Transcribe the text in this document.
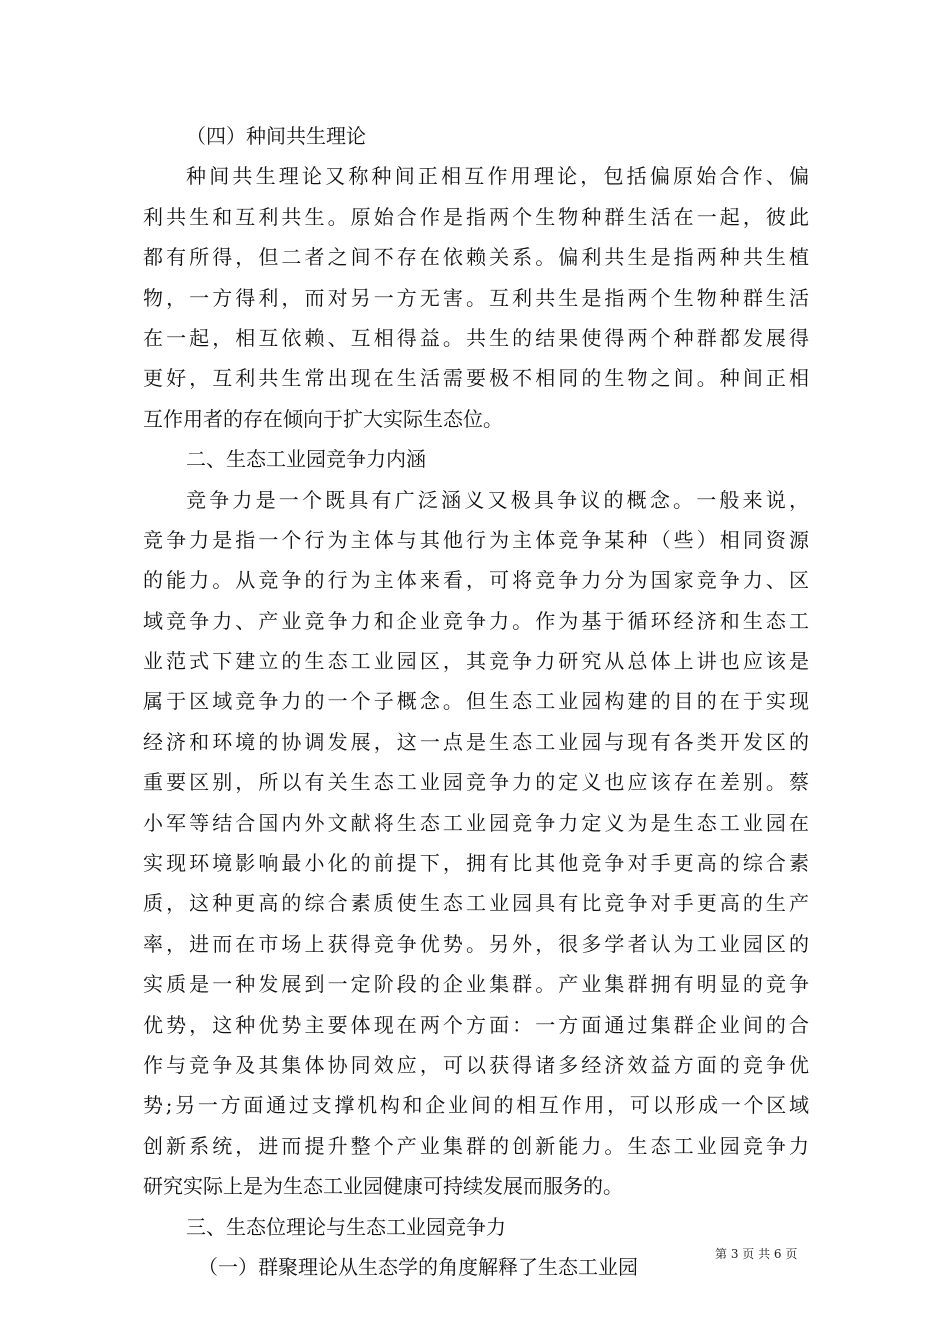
（四）种间共生理论
种间共生理论又称种间正相互作用理论，包括偏原始合作、偏
利共生和互利共生。原始合作是指两个生物种群生活在一起，彼此
都有所得，但二者之间不存在依赖关系。偏利共生是指两种共生植
物，一方得利，而对另一方无害。互利共生是指两个生物种群生活
在一起，相互依赖、互相得益。共生的结果使得两个种群都发展得
更好，互利共生常出现在生活需要极不相同的生物之间。种间正相
互作用者的存在倾向于扩大实际生态位。
二、生态工业园竞争力内涵
竞争力是一个既具有广泛涵义又极具争议的概念。一般来说，
竞争力是指一个行为主体与其他行为主体竞争某种（些）相同资源
的能力。从竞争的行为主体来看，可将竞争力分为国家竞争力、区
域竞争力、产业竞争力和企业竞争力。作为基于循环经济和生态工
业范式下建立的生态工业园区，其竞争力研究从总体上讲也应该是
属于区域竞争力的一个子概念。但生态工业园构建的目的在于实现
经济和环境的协调发展，这一点是生态工业园与现有各类开发区的
重要区别，所以有关生态工业园竞争力的定义也应该存在差别。蔡
小军等结合国内外文献将生态工业园竞争力定义为是生态工业园在
实现环境影响最小化的前提下，拥有比其他竞争对手更高的综合素
质，这种更高的综合素质使生态工业园具有比竞争对手更高的生产
率，进而在市场上获得竞争优势。另外，很多学者认为工业园区的
实质是一种发展到一定阶段的企业集群。产业集群拥有明显的竞争
优势，这种优势主要体现在两个方面：一方面通过集群企业间的合
作与竞争及其集体协同效应，可以获得诸多经济效益方面的竞争优
势;另一方面通过支撑机构和企业间的相互作用，可以形成一个区域
创新系统，进而提升整个产业集群的创新能力。生态工业园竞争力
研究实际上是为生态工业园健康可持续发展而服务的。
三、生态位理论与生态工业园竞争力
（一）群聚理论从生态学的角度解释了生态工业园
第 3 页 共 6 页
